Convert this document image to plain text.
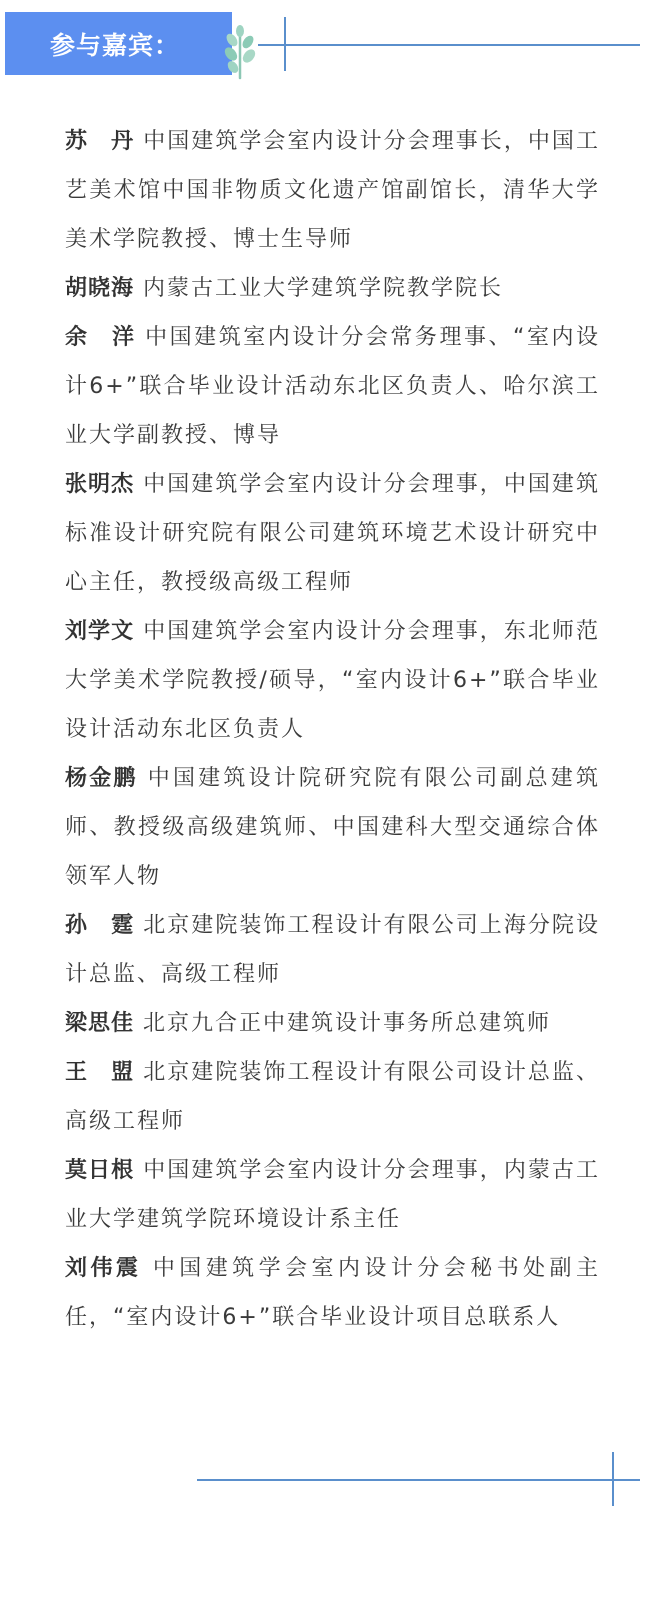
参与嘉宾：
苏　丹 中国建筑学会室内设计分会理事长，中国工艺美术馆中国非物质文化遗产馆副馆长，清华大学美术学院教授、博士生导师
胡晓海 内蒙古工业大学建筑学院教学院长
余　洋 中国建筑室内设计分会常务理事、“室内设计6+”联合毕业设计活动东北区负责人、哈尔滨工业大学副教授、博导
张明杰 中国建筑学会室内设计分会理事，中国建筑标准设计研究院有限公司建筑环境艺术设计研究中心主任，教授级高级工程师
刘学文 中国建筑学会室内设计分会理事，东北师范大学美术学院教授/硕导，“室内设计6+”联合毕业设计活动东北区负责人
杨金鹏 中国建筑设计院研究院有限公司副总建筑师、教授级高级建筑师、中国建科大型交通综合体领军人物
孙　霆 北京建院装饰工程设计有限公司上海分院设计总监、高级工程师
梁思佳 北京九合正中建筑设计事务所总建筑师
王　盟 北京建院装饰工程设计有限公司设计总监、高级工程师
莫日根 中国建筑学会室内设计分会理事，内蒙古工业大学建筑学院环境设计系主任
刘伟震 中国建筑学会室内设计分会秘书处副主任，“室内设计6+”联合毕业设计项目总联系人
